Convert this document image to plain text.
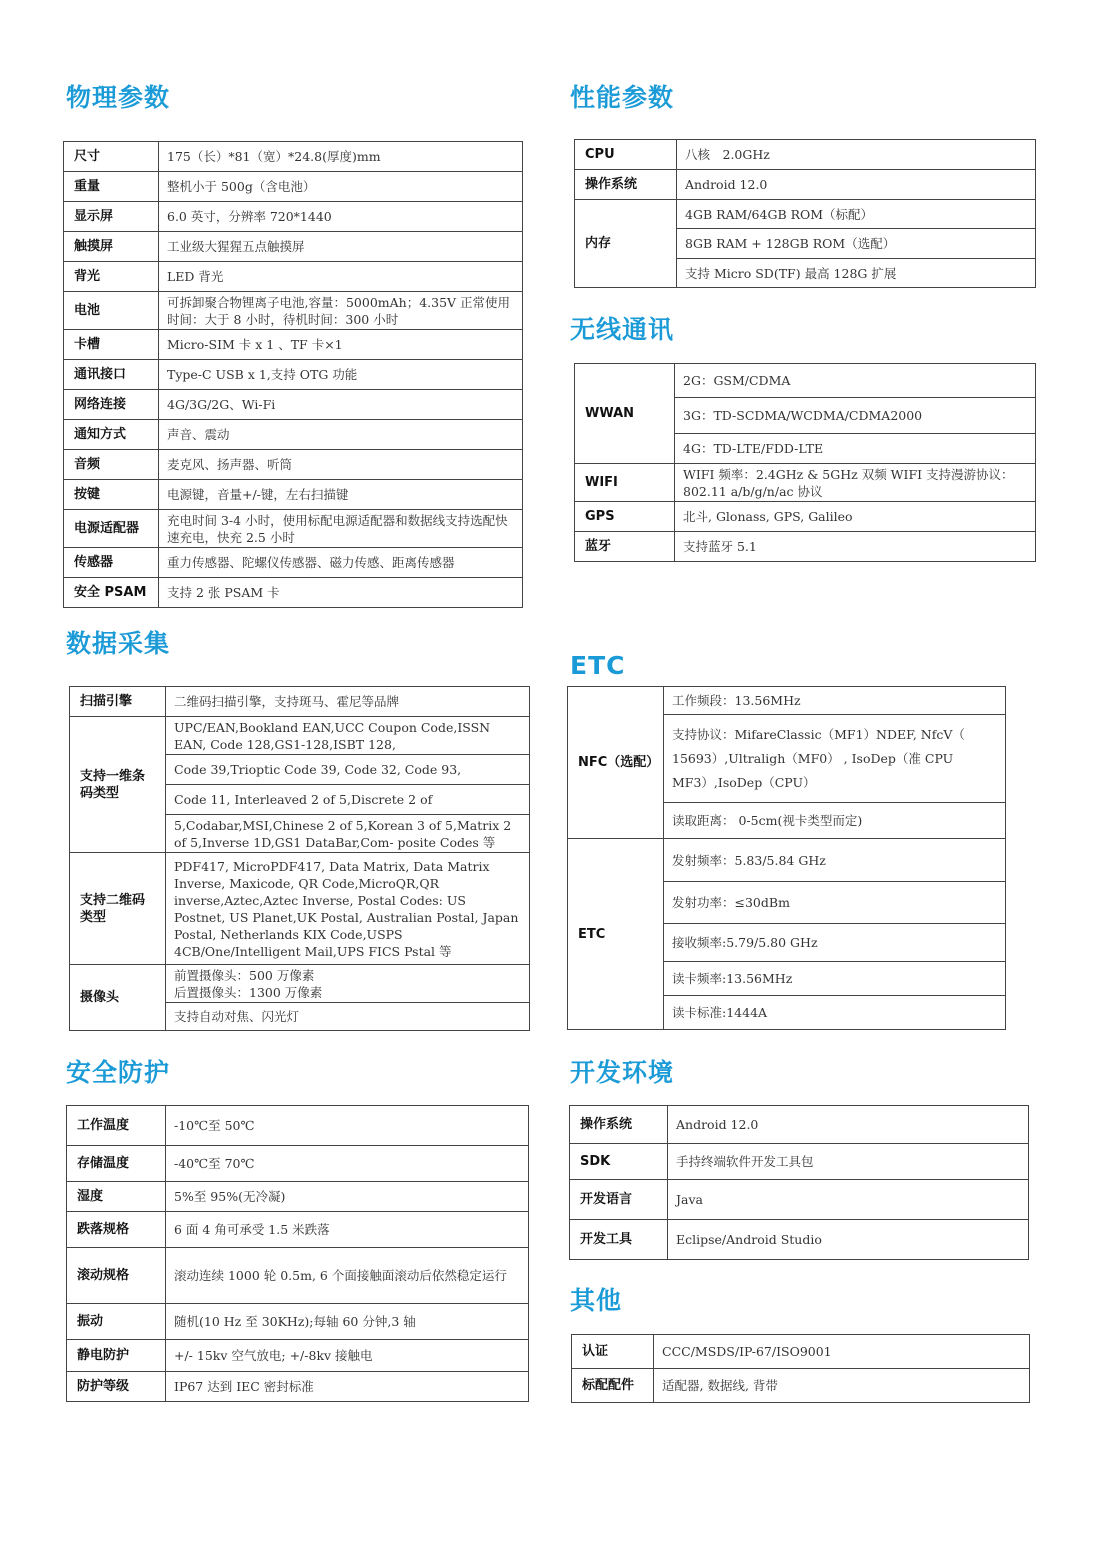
物理参数
尺寸	175（长）*81（宽）*24.8(厚度)mm
重量	整机小于 500g（含电池）
显示屏	6.0 英寸，分辨率 720*1440
触摸屏	工业级大猩猩五点触摸屏
背光	LED 背光
电池	可拆卸聚合物锂离子电池,容量：5000mAh；4.35V 正常使用时间：大于 8 小时，待机时间：300 小时
卡槽	Micro-SIM 卡 x 1 、TF 卡×1
通讯接口	Type-C USB x 1,支持 OTG 功能
网络连接	4G/3G/2G、Wi-Fi
通知方式	声音、震动
音频	麦克风、扬声器、听筒
按键	电源键，音量+/-键，左右扫描键
电源适配器	充电时间 3-4 小时，使用标配电源适配器和数据线支持选配快速充电，快充 2.5 小时
传感器	重力传感器、陀螺仪传感器、磁力传感、距离传感器
安全 PSAM	支持 2 张 PSAM 卡
性能参数
CPU	八核　2.0GHz
操作系统	Android 12.0
内存	4GB RAM/64GB ROM（标配）
	8GB RAM + 128GB ROM（选配）
	支持 Micro SD(TF) 最高 128G 扩展
无线通讯
WWAN	2G：GSM/CDMA
	3G：TD-SCDMA/WCDMA/CDMA2000
	4G：TD-LTE/FDD-LTE
WIFI	WIFI 频率：2.4GHz & 5GHz 双频 WIFI 支持漫游协议：802.11 a/b/g/n/ac 协议
GPS	北斗, Glonass, GPS, Galileo
蓝牙	支持蓝牙 5.1
数据采集
扫描引擎	二维码扫描引擎，支持斑马、霍尼等品牌
支持一维条码类型	UPC/EAN,Bookland EAN,UCC Coupon Code,ISSN EAN, Code 128,GS1-128,ISBT 128,
	Code 39,Trioptic Code 39, Code 32, Code 93,
	Code 11, Interleaved 2 of 5,Discrete 2 of
	5,Codabar,MSI,Chinese 2 of 5,Korean 3 of 5,Matrix 2 of 5,Inverse 1D,GS1 DataBar,Com- posite Codes 等
支持二维码类型	PDF417, MicroPDF417, Data Matrix, Data Matrix Inverse, Maxicode, QR Code,MicroQR,QR inverse,Aztec,Aztec Inverse, Postal Codes: US Postnet, US Planet,UK Postal, Australian Postal, Japan Postal, Netherlands KIX Code,USPS 4CB/One/Intelligent Mail,UPS FICS Pstal 等
摄像头	前置摄像头：500 万像素
后置摄像头：1300 万像素

	支持自动对焦、闪光灯
ETC
NFC（选配）	工作频段：13.56MHz
	支持协议：MifareClassic（MF1）NDEF, NfcV（ 15693）,Ultraligh（MF0） , IsoDep（准 CPU MF3）,IsoDep（CPU）
	读取距离： 0-5cm(视卡类型而定)
ETC	发射频率：5.83/5.84 GHz
	发射功率：≤30dBm
	接收频率:5.79/5.80 GHz
	读卡频率:13.56MHz
	读卡标准:1444A
安全防护
工作温度	-10℃至 50℃
存储温度	-40℃至 70℃
湿度	5%至 95%(无冷凝)
跌落规格	6 面 4 角可承受 1.5 米跌落
滚动规格	滚动连续 1000 轮 0.5m, 6 个面接触面滚动后依然稳定运行
振动	随机(10 Hz 至 30KHz);每轴 60 分钟,3 轴
静电防护	+/- 15kv 空气放电; +/-8kv 接触电
防护等级	IP67 达到 IEC 密封标准
开发环境
操作系统	Android 12.0
SDK	手持终端软件开发工具包
开发语言	Java
开发工具	Eclipse/Android Studio
其他
认证	CCC/MSDS/IP-67/ISO9001
标配配件	适配器, 数据线, 背带
